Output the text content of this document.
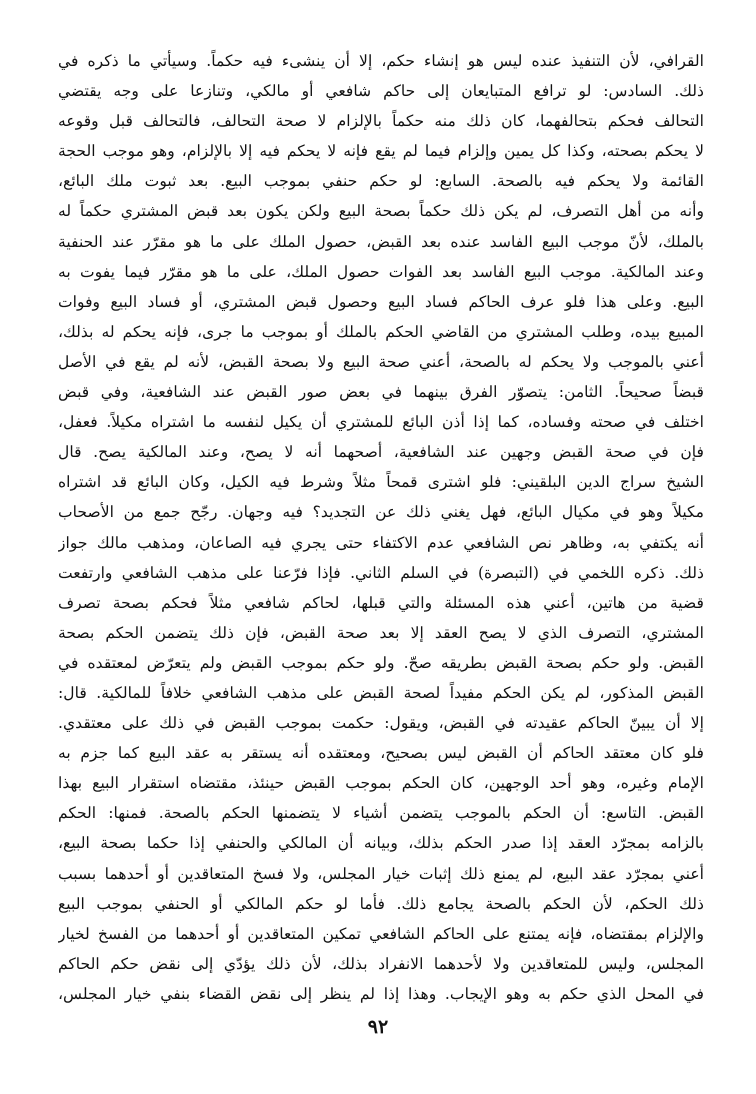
القرافي، لأن التنفيذ عنده ليس هو إنشاء حكم، إلا أن ينشىء فيه حكماً. وسيأتي ما ذكره في
ذلك. السادس: لو ترافع المتبايعان إلى حاكم شافعي أو مالكي، وتنازعا على وجه يقتضي
التحالف فحكم بتحالفهما، كان ذلك منه حكماً بالإلزام لا صحة التحالف، فالتحالف قبل وقوعه
لا يحكم بصحته، وكذا كل يمين وإلزام فيما لم يقع فإنه لا يحكم فيه إلا بالإلزام، وهو موجب الحجة
القائمة ولا يحكم فيه بالصحة. السابع: لو حكم حنفي بموجب البيع. بعد ثبوت ملك البائع،
وأنه من أهل التصرف، لم يكن ذلك حكماً بصحة البيع ولكن يكون بعد قبض المشتري حكماً له
بالملك، لأنّ موجب البيع الفاسد عنده بعد القبض، حصول الملك على ما هو مقرّر عند الحنفية
وعند المالكية. موجب البيع الفاسد بعد الفوات حصول الملك، على ما هو مقرّر فيما يفوت به
البيع. وعلى هذا فلو عرف الحاكم فساد البيع وحصول قبض المشتري، أو فساد البيع وفوات
المبيع بيده، وطلب المشتري من القاضي الحكم بالملك أو بموجب ما جرى، فإنه يحكم له بذلك،
أعني بالموجب ولا يحكم له بالصحة، أعني صحة البيع ولا بصحة القبض، لأنه لم يقع في الأصل
قبضاً صحيحاً. الثامن: يتصوّر الفرق بينهما في بعض صور القبض عند الشافعية، وفي قبض
اختلف في صحته وفساده، كما إذا أذن البائع للمشتري أن يكيل لنفسه ما اشتراه مكيلاً. فعفل،
فإن في صحة القبض وجهين عند الشافعية، أصحهما أنه لا يصح، وعند المالكية يصح. قال
الشيخ سراج الدين البلقيني: فلو اشترى قمحاً مثلاً وشرط فيه الكيل، وكان البائع قد اشتراه
مكيلاً وهو في مكيال البائع، فهل يغني ذلك عن التجديد؟ فيه وجهان. رجّح جمع من الأصحاب
أنه يكتفي به، وظاهر نص الشافعي عدم الاكتفاء حتى يجري فيه الصاعان، ومذهب مالك جواز
ذلك. ذكره اللخمي في (التبصرة) في السلم الثاني. فإذا فرّعنا على مذهب الشافعي وارتفعت
قضية من هاتين، أعني هذه المسئلة والتي قبلها، لحاكم شافعي مثلاً فحكم بصحة تصرف
المشتري، التصرف الذي لا يصح العقد إلا بعد صحة القبض، فإن ذلك يتضمن الحكم بصحة
القبض. ولو حكم بصحة القبض بطريقه صحّ. ولو حكم بموجب القبض ولم يتعرّض لمعتقده في
القبض المذكور، لم يكن الحكم مفيداً لصحة القبض على مذهب الشافعي خلافاً للمالكية. قال:
إلا أن يبينّ الحاكم عقيدته في القبض، ويقول: حكمت بموجب القبض في ذلك على معتقدي.
فلو كان معتقد الحاكم أن القبض ليس بصحيح، ومعتقده أنه يستقر به عقد البيع كما جزم به
الإمام وغيره، وهو أحد الوجهين، كان الحكم بموجب القبض حينئذ، مقتضاه استقرار البيع بهذا
القبض. التاسع: أن الحكم بالموجب يتضمن أشياء لا يتضمنها الحكم بالصحة. فمنها: الحكم
بالزامه بمجرّد العقد إذا صدر الحكم بذلك، وبيانه أن المالكي والحنفي إذا حكما بصحة البيع،
أعني بمجرّد عقد البيع، لم يمنع ذلك إثبات خيار المجلس، ولا فسخ المتعاقدين أو أحدهما بسبب
ذلك الحكم، لأن الحكم بالصحة يجامع ذلك. فأما لو حكم المالكي أو الحنفي بموجب البيع
والإلزام بمقتضاه، فإنه يمتنع على الحاكم الشافعي تمكين المتعاقدين أو أحدهما من الفسخ لخيار
المجلس، وليس للمتعاقدين ولا لأحدهما الانفراد بذلك، لأن ذلك يؤدّي إلى نقض حكم الحاكم
في المحل الذي حكم به وهو الإيجاب. وهذا إذا لم ينظر إلى نقض القضاء بنفي خيار المجلس،
٩٢
